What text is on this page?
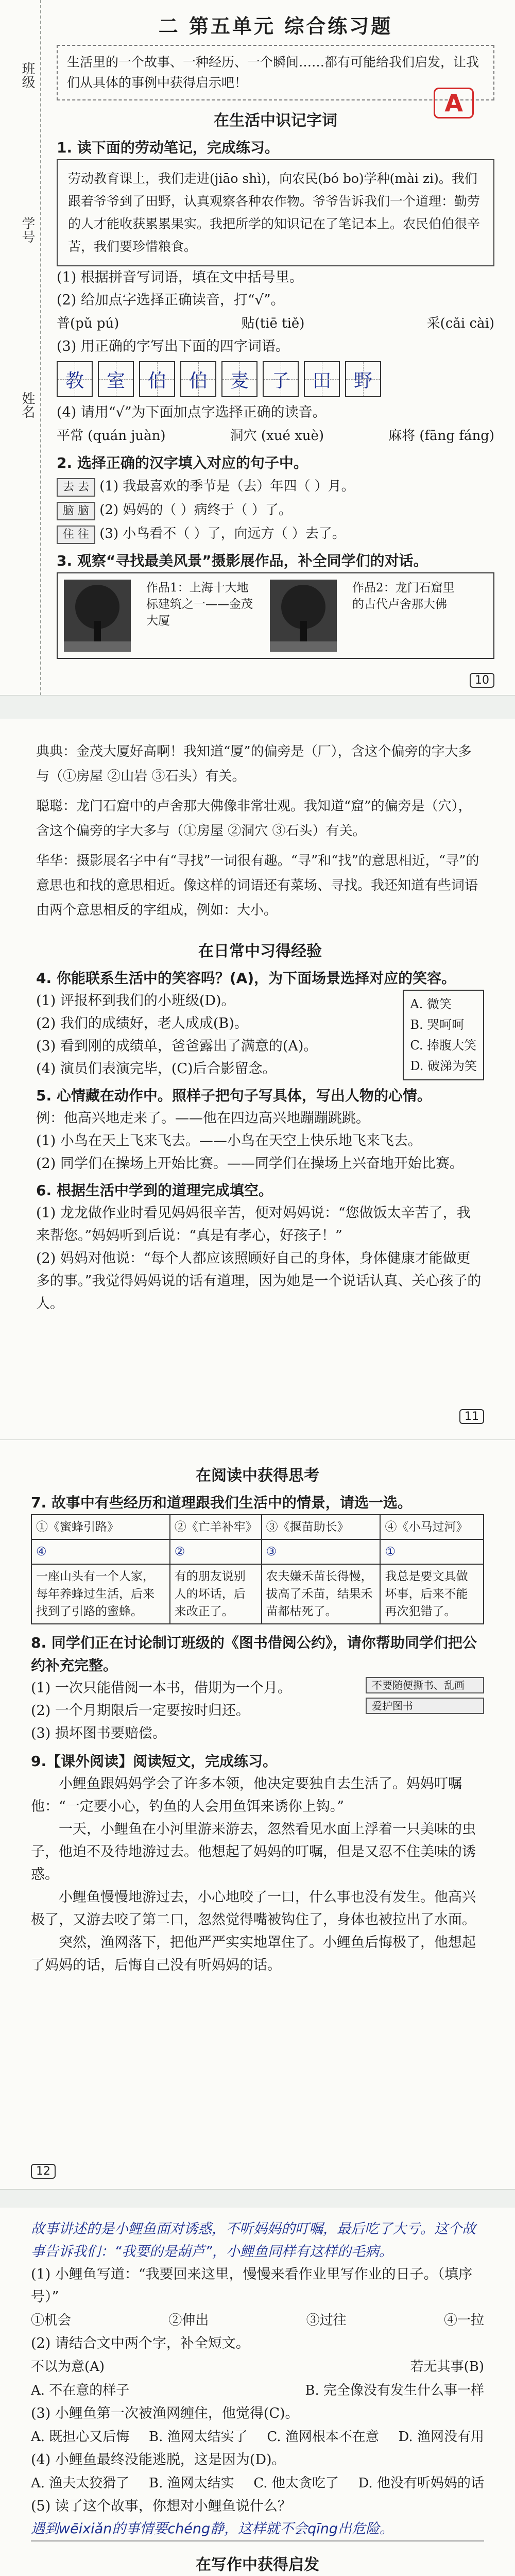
班级
学号
姓名
二 第五单元 综合练习题
生活里的一个故事、一种经历、一个瞬间……都有可能给我们启发，让我们从具体的事例中获得启示吧！
A
在生活中识记字词
1. 读下面的劳动笔记，完成练习。
劳动教育课上，我们走进(jiāo shì)，向农民(bó bo)学种(mài zi)。我们跟着爷爷到了田野，认真观察各种农作物。爷爷告诉我们一个道理：勤劳的人才能收获累累果实。我把所学的知识记在了笔记本上。农民伯伯很辛苦，我们要珍惜粮食。
(1) 根据拼音写词语，填在文中括号里。
(2) 给加点字选择正确读音，打“√”。
普(pǔ pú)	贴(tiē tiě)	采(cǎi cài)
(3) 用正确的字写出下面的四字词语。
教	室	伯	伯	麦	子	田	野
(4) 请用“√”为下面加点字选择正确的读音。
平常 (quán juàn)	洞穴 (xué xuè)	麻将 (fāng fáng)
2. 选择正确的汉字填入对应的句子中。
去 去 (1) 我最喜欢的季节是（去）年四（ ）月。
脑 脑 (2) 妈妈的（ ）病终于（ ）了。
住 往 (3) 小鸟看不（ ）了，向远方（ ）去了。
3. 观察“寻找最美风景”摄影展作品，补全同学们的对话。
作品1：上海十大地标建筑之一——金茂大厦
作品2：龙门石窟里的古代卢舍那大佛
10
典典：金茂大厦好高啊！我知道“厦”的偏旁是（厂），含这个偏旁的字大多与（①房屋 ②山岩 ③石头）有关。
聪聪：龙门石窟中的卢舍那大佛像非常壮观。我知道“窟”的偏旁是（穴），含这个偏旁的字大多与（①房屋 ②洞穴 ③石头）有关。
华华：摄影展名字中有“寻找”一词很有趣。“寻”和“找”的意思相近，“寻”的意思也和找的意思相近。像这样的词语还有菜场、寻找。我还知道有些词语由两个意思相反的字组成，例如：大小。
在日常中习得经验
4. 你能联系生活中的笑容吗？(A)，为下面场景选择对应的笑容。
(1) 评报杯到我们的小班级(D)。
(2) 我们的成绩好，老人成成(B)。
(3) 看到刚的成绩单，爸爸露出了满意的(A)。
(4) 演员们表演完毕，(C)后合影留念。
A. 微笑
B. 哭呵呵
C. 捧腹大笑
D. 破涕为笑
5. 心情藏在动作中。照样子把句子写具体，写出人物的心情。
例：他高兴地走来了。——他在四边高兴地蹦蹦跳跳。
(1) 小鸟在天上飞来飞去。——小鸟在天空上快乐地飞来飞去。
(2) 同学们在操场上开始比赛。——同学们在操场上兴奋地开始比赛。
6. 根据生活中学到的道理完成填空。
(1) 龙龙做作业时看见妈妈很辛苦，便对妈妈说：“您做饭太辛苦了，我来帮您。”妈妈听到后说：“真是有孝心，好孩子！”
(2) 妈妈对他说：“每个人都应该照顾好自己的身体，身体健康才能做更多的事。”我觉得妈妈说的话有道理，因为她是一个说话认真、关心孩子的人。
11
在阅读中获得思考
7. 故事中有些经历和道理跟我们生活中的情景，请选一选。
①《蜜蜂引路》	②《亡羊补牢》	③《揠苗助长》	④《小马过河》
④	②	③	①
一座山头有一个人家，每年养蜂过生活，后来找到了引路的蜜蜂。	有的朋友说别人的坏话，后来改正了。	农夫嫌禾苗长得慢，拔高了禾苗，结果禾苗都枯死了。	我总是要文具做坏事，后来不能再次犯错了。
8. 同学们正在讨论制订班级的《图书借阅公约》，请你帮助同学们把公约补充完整。
(1) 一次只能借阅一本书，借期为一个月。
(2) 一个月期限后一定要按时归还。
(3) 损坏图书要赔偿。
不要随便撕书、乱画
爱护图书
9.【课外阅读】阅读短文，完成练习。
小鲤鱼跟妈妈学会了许多本领，他决定要独自去生活了。妈妈叮嘱他：“一定要小心，钓鱼的人会用鱼饵来诱你上钩。”
一天，小鲤鱼在小河里游来游去，忽然看见水面上浮着一只美味的虫子，他迫不及待地游过去。他想起了妈妈的叮嘱，但是又忍不住美味的诱惑。
小鲤鱼慢慢地游过去，小心地咬了一口，什么事也没有发生。他高兴极了，又游去咬了第二口，忽然觉得嘴被钩住了，身体也被拉出了水面。
突然，渔网落下，把他严严实实地罩住了。小鲤鱼后悔极了，他想起了妈妈的话，后悔自己没有听妈妈的话。
12
故事讲述的是小鲤鱼面对诱惑，不听妈妈的叮嘱，最后吃了大亏。这个故事告诉我们：“我要的是葫芦”，小鲤鱼同样有这样的毛病。
(1) 小鲤鱼写道：“我要回来这里，慢慢来看作业里写作业的日子。（填序号）”
①机会	②伸出	③过往	④一拉
(2) 请结合文中两个字，补全短文。
不以为意(A)	若无其事(B)
A. 不在意的样子	B. 完全像没有发生什么事一样
(3) 小鲤鱼第一次被渔网缠住，他觉得(C)。
A. 既担心又后悔 B. 渔网太结实了 C. 渔网根本不在意 D. 渔网没有用
(4) 小鲤鱼最终没能逃脱，这是因为(D)。
A. 渔夫太狡猾了 B. 渔网太结实 C. 他太贪吃了 D. 他没有听妈妈的话
(5) 读了这个故事，你想对小鲤鱼说什么？
遇到wēixiǎn的事情要chéng静，这样就不会qīng出危险。
在写作中获得启发
